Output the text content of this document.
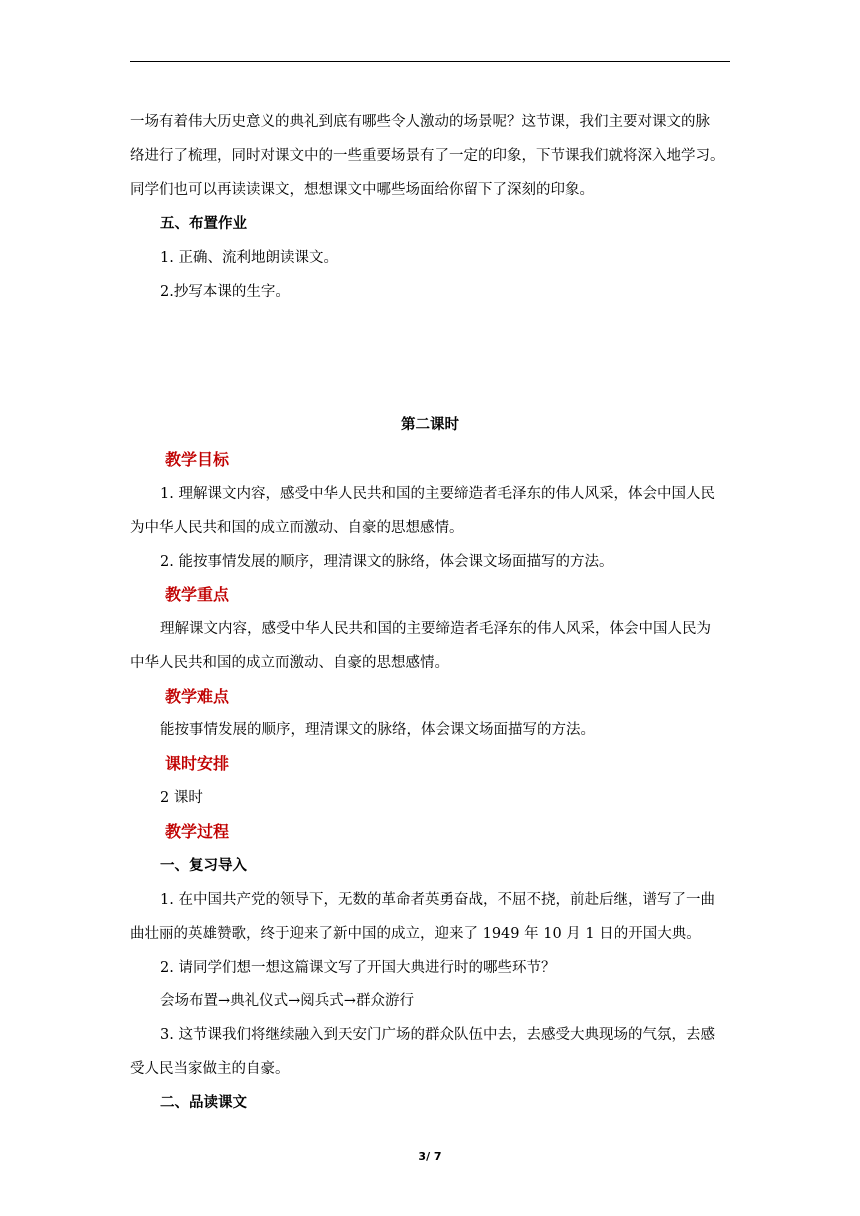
一场有着伟大历史意义的典礼到底有哪些令人激动的场景呢？这节课，我们主要对课文的脉

络进行了梳理，同时对课文中的一些重要场景有了一定的印象，下节课我们就将深入地学习。

同学们也可以再读读课文，想想课文中哪些场面给你留下了深刻的印象。

五、布置作业

1. 正确、流利地朗读课文。

2.抄写本课的生字。

第二课时

教学目标

1. 理解课文内容，感受中华人民共和国的主要缔造者毛泽东的伟人风采，体会中国人民

为中华人民共和国的成立而激动、自豪的思想感情。

2. 能按事情发展的顺序，理清课文的脉络，体会课文场面描写的方法。

教学重点

理解课文内容，感受中华人民共和国的主要缔造者毛泽东的伟人风采，体会中国人民为

中华人民共和国的成立而激动、自豪的思想感情。

教学难点

能按事情发展的顺序，理清课文的脉络，体会课文场面描写的方法。

课时安排

2 课时

教学过程

一、复习导入

1. 在中国共产党的领导下，无数的革命者英勇奋战，不屈不挠，前赴后继，谱写了一曲

曲壮丽的英雄赞歌，终于迎来了新中国的成立，迎来了 1949 年 10 月 1 日的开国大典。

2. 请同学们想一想这篇课文写了开国大典进行时的哪些环节？

会场布置→典礼仪式→阅兵式→群众游行

3. 这节课我们将继续融入到天安门广场的群众队伍中去，去感受大典现场的气氛，去感

受人民当家做主的自豪。

二、品读课文

3/ 7
